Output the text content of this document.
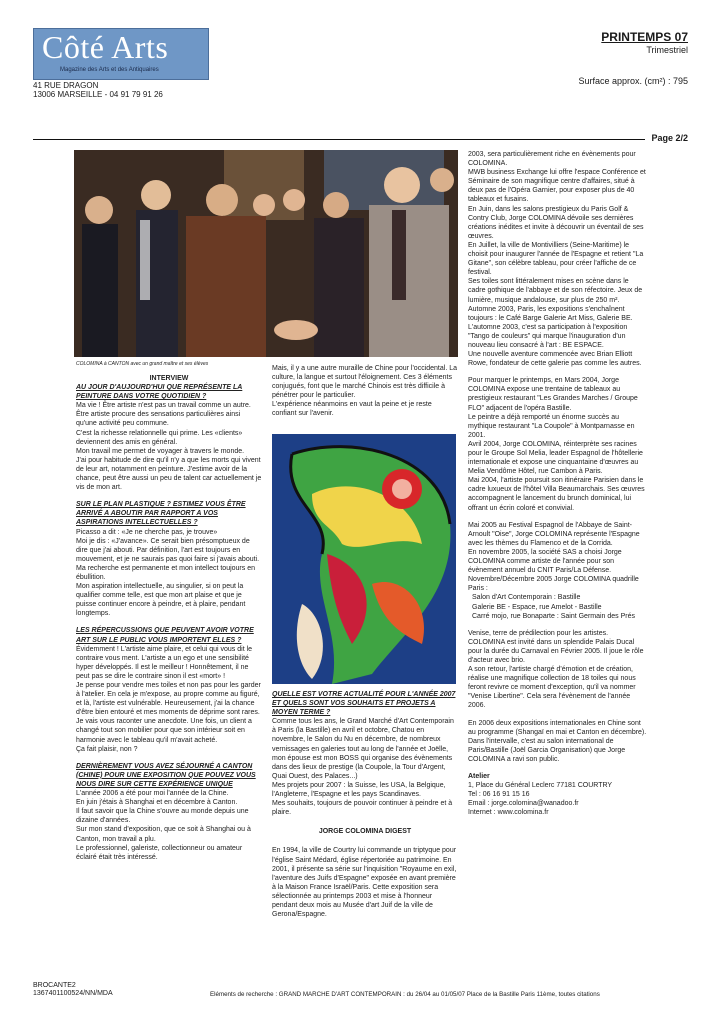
Côté Arts
Magazine des Arts et des Antiquaires
41 RUE DRAGON
13006 MARSEILLE - 04 91 79 91 26
PRINTEMPS 07
Trimestriel
Surface approx. (cm²) : 795
Page 2/2
COLOMINA à CANTON avec un grand maître et ses élèves

INTERVIEW

AU JOUR D'AUJOURD'HUI QUE REPRÉSENTE LA PEINTURE DANS VOTRE QUOTIDIEN ?

Ma vie ! Être artiste n'est pas un travail comme un autre. Être artiste procure des sensations particulières ainsi qu'une activité peu commune.

C'est la richesse relationnelle qui prime. Les «clients» deviennent des amis en général.

Mon travail me permet de voyager à travers le monde.

J'ai pour habitude de dire qu'il n'y a que les morts qui vivent de leur art, notamment en peinture. J'estime avoir de la chance, peut être aussi un peu de talent car actuellement je vis de mon art.

SUR LE PLAN PLASTIQUE ? ESTIMEZ VOUS ÊTRE ARRIVÉ A ABOUTIR PAR RAPPORT A VOS ASPIRATIONS INTELLECTUELLES ?

Picasso a dit : «Je ne cherche pas, je trouve»

Moi je dis : «J'avance». Ce serait bien présomptueux de dire que j'ai abouti. Par définition, l'art est toujours en mouvement, et je ne saurais pas quoi faire si j'avais abouti. Ma recherche est permanente et mon intellect toujours en ébullition.

Mon aspiration intellectuelle, au singulier, si on peut la qualifier comme telle, est que mon art plaise et que je puisse continuer encore à peindre, et à plaire, pendant longtemps.

LES RÉPERCUSSIONS QUE PEUVENT AVOIR VOTRE ART SUR LE PUBLIC VOUS IMPORTENT ELLES ?

Évidemment ! L'artiste aime plaire, et celui qui vous dit le contraire vous ment. L'artiste a un ego et une sensibilité hyper développés. Il est le meilleur ! Honnêtement, il ne peut pas se dire le contraire sinon il est «mort» !

Je pense pour vendre mes toiles et non pas pour les garder à l'atelier. En cela je m'expose, au propre comme au figuré, et là, l'artiste est vulnérable. Heureusement, j'ai la chance d'être bien entouré et mes moments de déprime sont rares.

Je vais vous raconter une anecdote. Une fois, un client a changé tout son mobilier pour que son intérieur soit en harmonie avec le tableau qu'il m'avait acheté.

Ça fait plaisir, non ?

DERNIÈREMENT VOUS AVEZ SÉJOURNÉ A CANTON (CHINE) POUR UNE EXPOSITION QUE POUVEZ VOUS NOUS DIRE SUR CETTE EXPÉRIENCE UNIQUE

L'année 2006 a été pour moi l'année de la Chine.

En juin j'étais à Shanghai et en décembre à Canton.

Il faut savoir que la Chine s'ouvre au monde depuis une dizaine d'années.

Sur mon stand d'exposition, que ce soit à Shanghai ou à Canton, mon travail a plu.

Le professionnel, galeriste, collectionneur ou amateur éclairé était très intéressé.

Mais, il y a une autre muraille de Chine pour l'occidental. La culture, la langue et surtout l'éloignement. Ces 3 éléments conjugués, font que le marché Chinois est très difficile à pénétrer pour le particulier.

L'expérience néanmoins en vaut la peine et je reste confiant sur l'avenir.

QUELLE EST VOTRE ACTUALITÉ POUR L'ANNÉE 2007 ET QUELS SONT VOS SOUHAITS ET PROJETS A MOYEN TERME ?

Comme tous les ans, le Grand Marché d'Art Contemporain à Paris (la Bastille) en avril et octobre, Chatou en novembre, le Salon du Nu en décembre, de nombreux vernissages en galeries tout au long de l'année et Joëlle, mon épouse est mon BOSS qui organise des évènements dans des lieux de prestige (la Coupole, la Tour d'Argent, Quai Ouest, des Palaces...)

Mes projets pour 2007 : la Suisse, les USA, la Belgique, l'Angleterre, l'Espagne et les pays Scandinaves.

Mes souhaits, toujours de pouvoir continuer à peindre et à plaire.

JORGE COLOMINA DIGEST

En 1994, la ville de Courtry lui commande un triptyque pour l'église Saint Médard, église répertoriée au patrimoine. En 2001, il présente sa série sur l'inquisition "Royaume en exil, l'aventure des Juifs d'Espagne" exposée en avant première à la Maison France Israël/Paris. Cette exposition sera sélectionnée au printemps 2003 et mise à l'honneur pendant deux mois au Musée d'art Juif de la ville de Gerona/Espagne.

2003, sera particulièrement riche en évènements pour COLOMINA.

MWB business Exchange lui offre l'espace Conférence et Séminaire de son magnifique centre d'affaires, situé à deux pas de l'Opéra Garnier, pour exposer plus de 40 tableaux et fusains.

En Juin, dans les salons prestigieux du Paris Golf & Contry Club, Jorge COLOMINA dévoile ses dernières créations inédites et invite à découvrir un éventail de ses œuvres.

En Juillet, la ville de Montivilliers (Seine-Maritime) le choisit pour inaugurer l'année de l'Espagne et retient "La Gitane", son célèbre tableau, pour créer l'affiche de ce festival.

Ses toiles sont littéralement mises en scène dans le cadre gothique de l'abbaye et de son réfectoire. Jeux de lumière, musique andalouse, sur plus de 250 m².

Automne 2003, Paris, les expositions s'enchaînent toujours : le Café Barge Galerie Art Miss, Galerie BE.

L'automne 2003, c'est sa participation à l'exposition "Tango de couleurs" qui marque l'inauguration d'un nouveau lieu consacré à l'art : BE ESPACE.

Une nouvelle aventure commencée avec Brian Elliott Rowe, fondateur de cette galerie pas comme les autres.

Pour marquer le printemps, en Mars 2004, Jorge COLOMINA expose une trentaine de tableaux au prestigieux restaurant "Les Grandes Marches / Groupe FLO" adjacent de l'opéra Bastille.

Le peintre a déjà remporté un énorme succès au mythique restaurant "La Coupole" à Montparnasse en 2001.

Avril 2004, Jorge COLOMINA, réinterprète ses racines pour le Groupe Sol Melia, leader Espagnol de l'hôtellerie internationale et expose une cinquantaine d'œuvres au Melia Vendôme Hôtel, rue Cambon à Paris.

Mai 2004, l'artiste poursuit son itinéraire Parisien dans le cadre luxueux de l'hôtel Villa Beaumarchais. Ses œuvres accompagnent le lancement du brunch dominical, lui offrant un écrin coloré et convivial.

Mai 2005 au Festival Espagnol de l'Abbaye de Saint-Arnoult "Oise", Jorge COLOMINA représente l'Espagne avec les thèmes du Flamenco et de la Corrida.

En novembre 2005, la société SAS a choisi Jorge COLOMINA comme artiste de l'année pour son évènement annuel du CNIT Paris/La Défense.

Novembre/Décembre 2005 Jorge COLOMINA quadrille Paris :

Salon d'Art Contemporain : Bastille

Galerie BE - Espace, rue Amelot - Bastille

Carré mojo, rue Bonaparte : Saint Germain des Prés

Venise, terre de prédilection pour les artistes.

COLOMINA est invité dans un splendide Palais Ducal pour la durée du Carnaval en Février 2005. Il joue le rôle d'acteur avec brio.

A son retour, l'artiste chargé d'émotion et de création, réalise une magnifique collection de 18 toiles qui nous feront revivre ce moment d'exception, qu'il va nommer "Venise Libertine". Cela sera l'évènement de l'année 2006.

En 2006 deux expositions internationales en Chine sont au programme (Shangaï en mai et Canton en décembre).

Dans l'intervalle, c'est au salon international de Paris/Bastille (Joël Garcia Organisation) que Jorge COLOMINA a ravi son public.

Atelier

1, Place du Général Leclerc 77181 COURTRY

Tel : 06 16 91 15 16

Email : jorge.colomina@wanadoo.fr

Internet : www.colomina.fr

BROCANTE2
1367401100524/NN/MDA	Eléments de recherche : GRAND MARCHE D'ART CONTEMPORAIN : du 26/04 au 01/05/07 Place de la Bastille Paris 11ème, toutes citations
